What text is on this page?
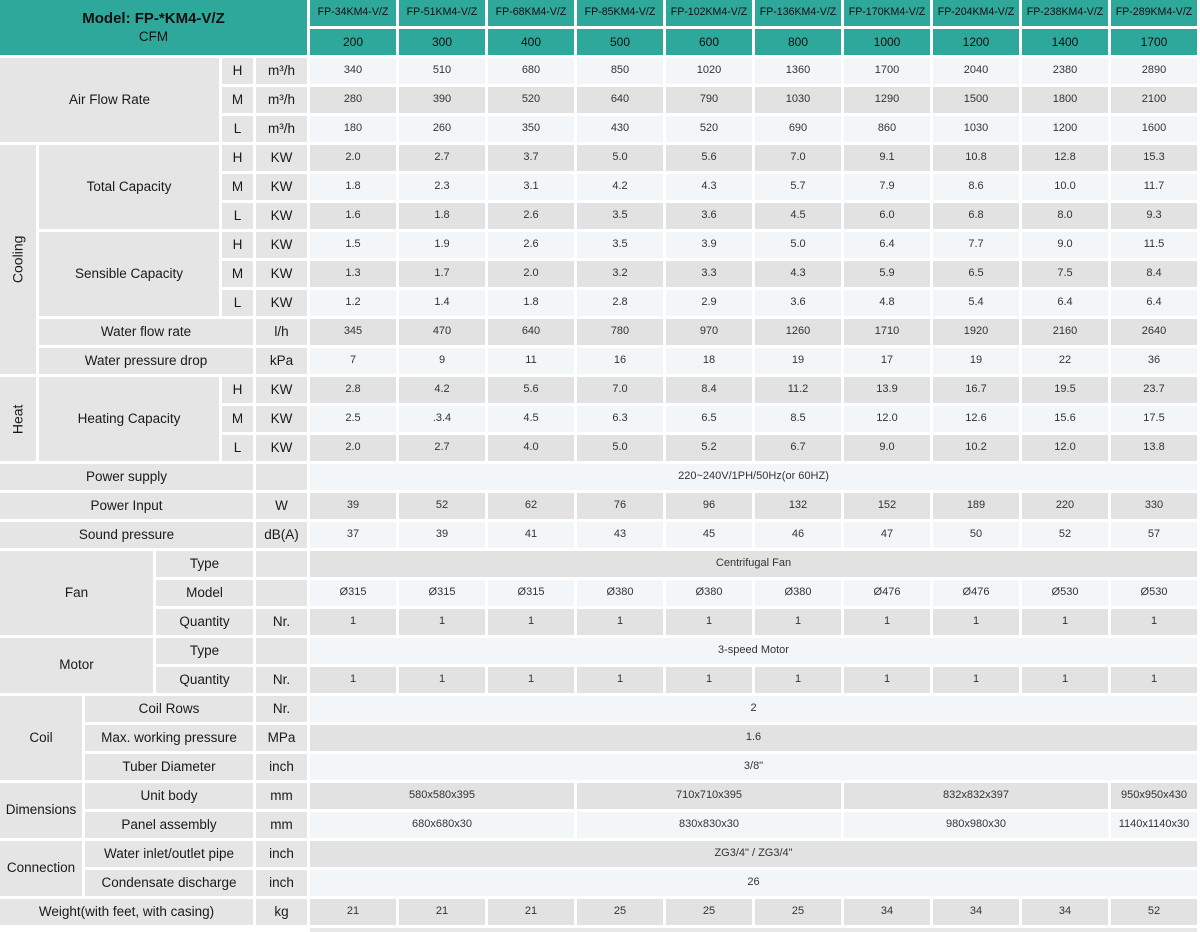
Model: FP-*KM4-V/Z
CFM
FP-34KM4-V/Z	FP-51KM4-V/Z	FP-68KM4-V/Z	FP-85KM4-V/Z	FP-102KM4-V/Z	FP-136KM4-V/Z	FP-170KM4-V/Z	FP-204KM4-V/Z	FP-238KM4-V/Z	FP-289KM4-V/Z
200	300	400	500	600	800	1000	1200	1400	1700
Air Flow Rate
H	m³/h	340	510	680	850	1020	1360	1700	2040	2380	2890
M	m³/h	280	390	520	640	790	1030	1290	1500	1800	2100
L	m³/h	180	260	350	430	520	690	860	1030	1200	1600
Cooling
Total Capacity
H	KW	2.0	2.7	3.7	5.0	5.6	7.0	9.1	10.8	12.8	15.3
M	KW	1.8	2.3	3.1	4.2	4.3	5.7	7.9	8.6	10.0	11.7
L	KW	1.6	1.8	2.6	3.5	3.6	4.5	6.0	6.8	8.0	9.3
Sensible Capacity
H	KW	1.5	1.9	2.6	3.5	3.9	5.0	6.4	7.7	9.0	11.5
M	KW	1.3	1.7	2.0	3.2	3.3	4.3	5.9	6.5	7.5	8.4
L	KW	1.2	1.4	1.8	2.8	2.9	3.6	4.8	5.4	6.4	6.4
Water flow rate	l/h	345	470	640	780	970	1260	1710	1920	2160	2640
Water pressure drop	kPa	7	9	11	16	18	19	17	19	22	36
Heat	Heating Capacity
H	KW	2.8	4.2	5.6	7.0	8.4	11.2	13.9	16.7	19.5	23.7
M	KW	2.5	.3.4	4.5	6.3	6.5	8.5	12.0	12.6	15.6	17.5
L	KW	2.0	2.7	4.0	5.0	5.2	6.7	9.0	10.2	12.0	13.8
Power supply	220~240V/1PH/50Hz(or 60HZ)
Power Input	W	39	52	62	76	96	132	152	189	220	330
Sound pressure	dB(A)	37	39	41	43	45	46	47	50	52	57
Fan
Type	Centrifugal Fan
Model	Ø315	Ø315	Ø315	Ø380	Ø380	Ø380	Ø476	Ø476	Ø530	Ø530
Quantity	Nr.	1	1	1	1	1	1	1	1	1	1
Motor
Type	3-speed Motor
Quantity	Nr.	1	1	1	1	1	1	1	1	1	1
Coil
Coil Rows	Nr.	2
Max. working pressure	MPa	1.6
Tuber Diameter	inch	3/8"
Dimensions
Unit body	mm	580x580x395	710x710x395	832x832x397	950x950x430
Panel assembly	mm	680x680x30	830x830x30	980x980x30	1140x1140x30
Connection
Water inlet/outlet pipe	inch	ZG3/4" / ZG3/4"
Condensate discharge	inch	26
Weight(with feet, with casing)	kg	21	21	21	25	25	25	34	34	34	52
